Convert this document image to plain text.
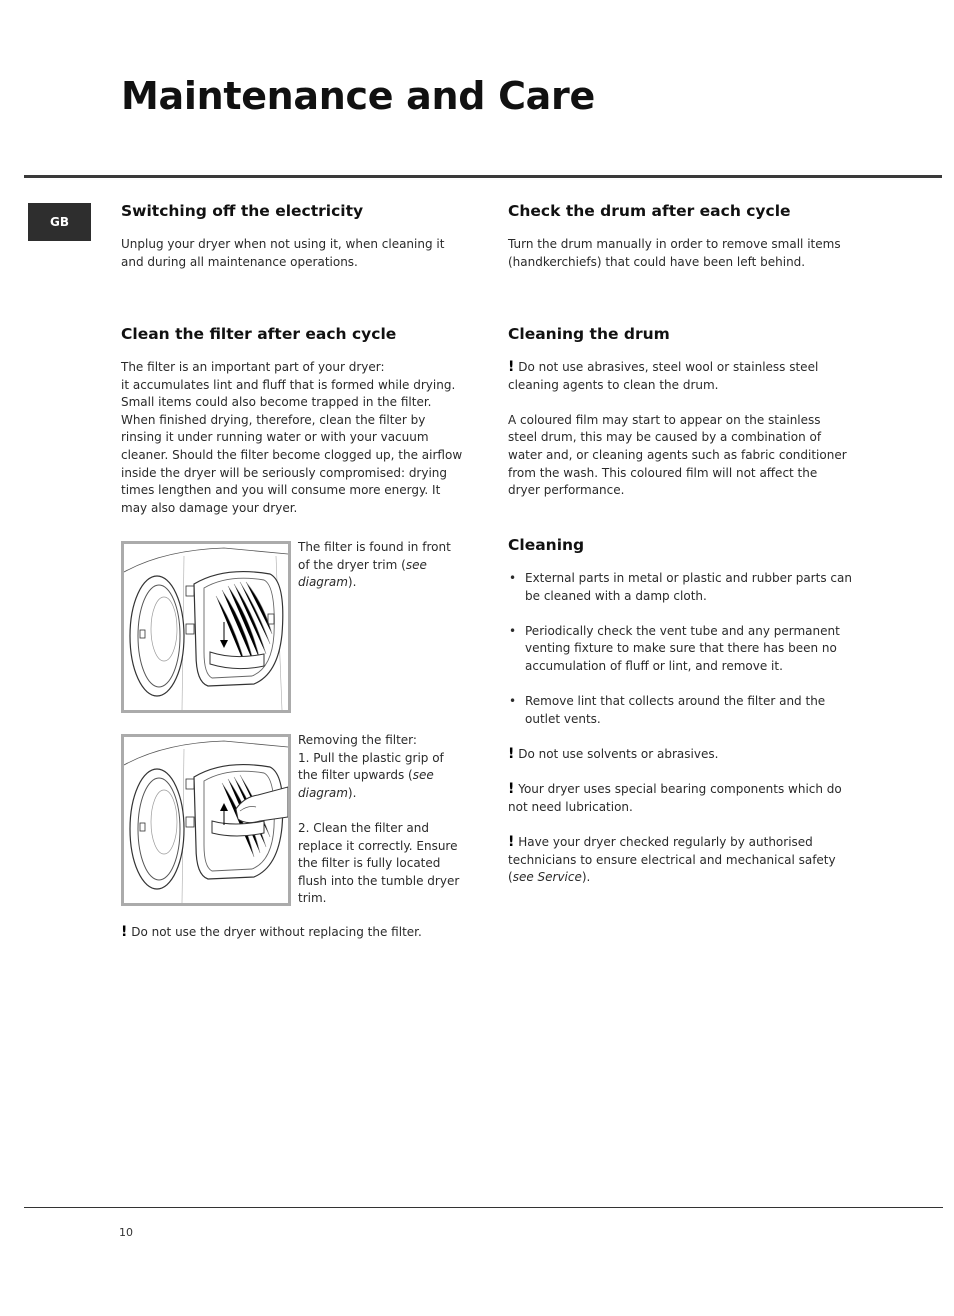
Maintenance and Care
GB
Switching off the electricity

Unplug your dryer when not using it, when cleaning it and during all maintenance operations.

Clean the filter after each cycle

The filter is an important part of your dryer:
it accumulates lint and fluff that is formed while drying. Small items could also become trapped in the filter. When finished drying, therefore, clean the filter by rinsing it under running water or with your vacuum cleaner. Should the filter become clogged up, the airflow inside the dryer will be seriously compromised: drying times lengthen and you will consume more energy. It may also damage your dryer.

The filter is found in front of the dryer trim (see diagram).

Removing the filter:

1. Pull the plastic grip of the filter upwards (see diagram).

2. Clean the filter and replace it correctly. Ensure the filter is fully located flush into the tumble dryer trim.

! Do not use the dryer without replacing the filter.

Check the drum after each cycle

Turn the drum manually in order to remove small items (handkerchiefs) that could have been left behind.

Cleaning the drum

! Do not use abrasives, steel wool or stainless steel cleaning agents to clean the drum.

A coloured film may start to appear on the stainless steel drum, this may be caused by a combination of water and, or cleaning agents such as fabric conditioner from the wash. This coloured film will not affect the dryer performance.

Cleaning
• External parts in metal or plastic and rubber parts can be cleaned with a damp cloth.
• Periodically check the vent tube and any permanent venting fixture to make sure that there has been no accumulation of fluff or lint, and remove it.
• Remove lint that collects around the filter and the outlet vents.

! Do not use solvents or abrasives.

! Your dryer uses special bearing components which do not need lubrication.

! Have your dryer checked regularly by authorised technicians to ensure electrical and mechanical safety (see Service).

10
